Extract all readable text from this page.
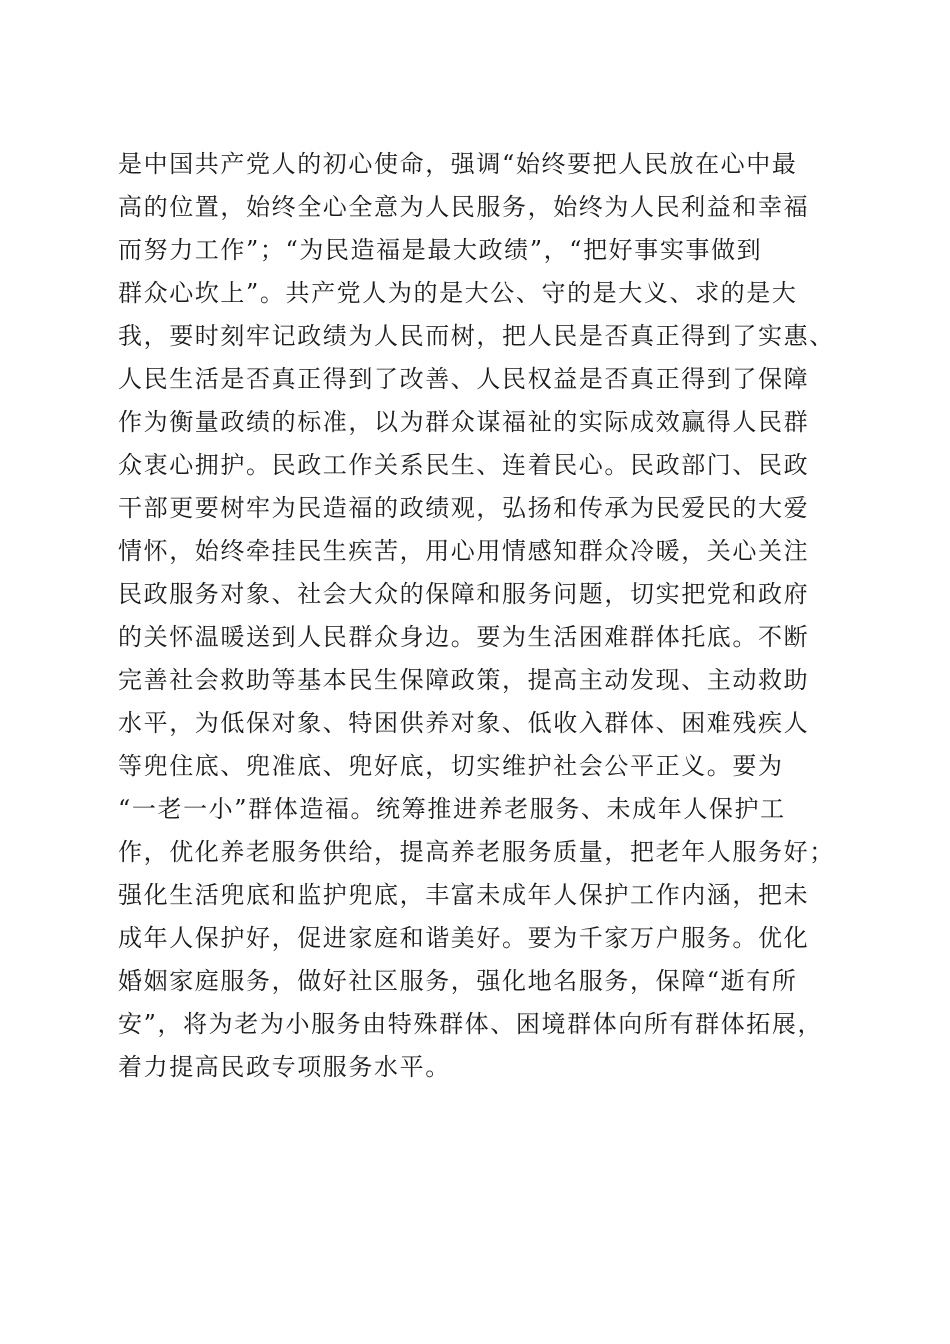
是中国共产党人的初心使命，强调“始终要把人民放在心中最
高的位置，始终全心全意为人民服务，始终为人民利益和幸福
而努力工作”；“为民造福是最大政绩”，“把好事实事做到
群众心坎上”。共产党人为的是大公、守的是大义、求的是大
我，要时刻牢记政绩为人民而树，把人民是否真正得到了实惠、
人民生活是否真正得到了改善、人民权益是否真正得到了保障
作为衡量政绩的标准，以为群众谋福祉的实际成效赢得人民群
众衷心拥护。民政工作关系民生、连着民心。民政部门、民政
干部更要树牢为民造福的政绩观，弘扬和传承为民爱民的大爱
情怀，始终牵挂民生疾苦，用心用情感知群众冷暖，关心关注
民政服务对象、社会大众的保障和服务问题，切实把党和政府
的关怀温暖送到人民群众身边。要为生活困难群体托底。不断
完善社会救助等基本民生保障政策，提高主动发现、主动救助
水平，为低保对象、特困供养对象、低收入群体、困难残疾人
等兜住底、兜准底、兜好底，切实维护社会公平正义。要为
“一老一小”群体造福。统筹推进养老服务、未成年人保护工
作，优化养老服务供给，提高养老服务质量，把老年人服务好；
强化生活兜底和监护兜底，丰富未成年人保护工作内涵，把未
成年人保护好，促进家庭和谐美好。要为千家万户服务。优化
婚姻家庭服务，做好社区服务，强化地名服务，保障“逝有所
安”，将为老为小服务由特殊群体、困境群体向所有群体拓展，
着力提高民政专项服务水平。
